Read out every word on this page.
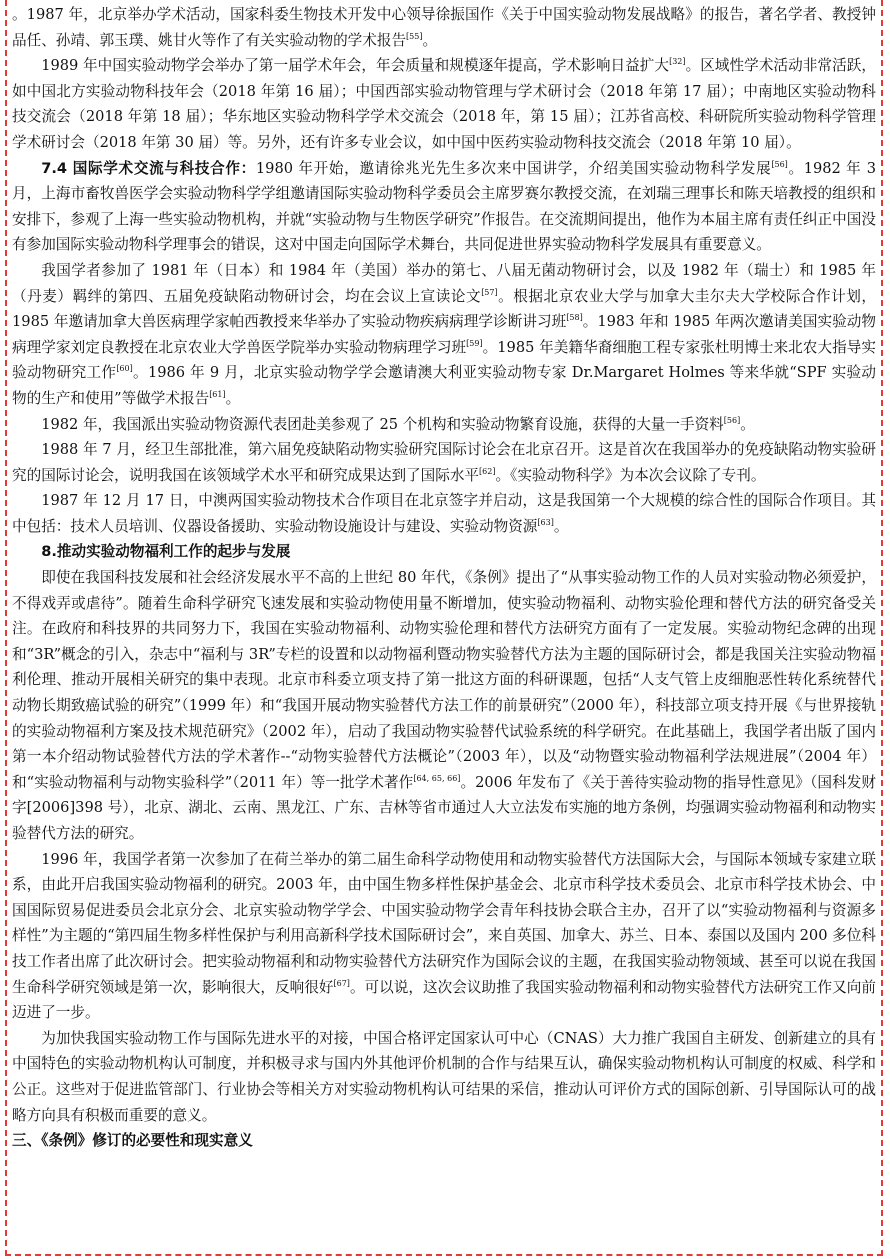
。1987 年，北京举办学术活动，国家科委生物技术开发中心领导徐振国作《关于中国实验动物发展战略》的报告，著名学者、教授钟品任、孙靖、郭玉璞、姚甘火等作了有关实验动物的学术报告[55]。

1989 年中国实验动物学会举办了第一届学术年会，年会质量和规模逐年提高，学术影响日益扩大[32]。区域性学术活动非常活跃，如中国北方实验动物科技年会（2018 年第 16 届）；中国西部实验动物管理与学术研讨会（2018 年第 17 届）；中南地区实验动物科技交流会（2018 年第 18 届）；华东地区实验动物科学学术交流会（2018 年，第 15 届）；江苏省高校、科研院所实验动物科学管理学术研讨会（2018 年第 30 届）等。另外，还有许多专业会议，如中国中医药实验动物科技交流会（2018 年第 10 届）。

7.4 国际学术交流与科技合作：1980 年开始，邀请徐兆光先生多次来中国讲学，介绍美国实验动物科学发展[56]。1982 年 3 月，上海市畜牧兽医学会实验动物科学学组邀请国际实验动物科学委员会主席罗赛尔教授交流，在刘瑞三理事长和陈天培教授的组织和安排下，参观了上海一些实验动物机构，并就“实验动物与生物医学研究”作报告。在交流期间提出，他作为本届主席有责任纠正中国没有参加国际实验动物科学理事会的错误，这对中国走向国际学术舞台，共同促进世界实验动物科学发展具有重要意义。

我国学者参加了 1981 年（日本）和 1984 年（美国）举办的第七、八届无菌动物研讨会，以及 1982 年（瑞士）和 1985 年（丹麦）羁绊的第四、五届免疫缺陷动物研讨会，均在会议上宣读论文[57]。根据北京农业大学与加拿大圭尔夫大学校际合作计划，1985 年邀请加拿大兽医病理学家帕西教授来华举办了实验动物疾病病理学诊断讲习班[58]。1983 年和 1985 年两次邀请美国实验动物病理学家刘定良教授在北京农业大学兽医学院举办实验动物病理学习班[59]。1985 年美籍华裔细胞工程专家张杜明博士来北农大指导实验动物研究工作[60]。1986 年 9 月，北京实验动物学学会邀请澳大利亚实验动物专家 Dr.Margaret Holmes 等来华就“SPF 实验动物的生产和使用”等做学术报告[61]。

1982 年，我国派出实验动物资源代表团赴美参观了 25 个机构和实验动物繁育设施，获得的大量一手资料[56]。

1988 年 7 月，经卫生部批准，第六届免疫缺陷动物实验研究国际讨论会在北京召开。这是首次在我国举办的免疫缺陷动物实验研究的国际讨论会，说明我国在该领域学术水平和研究成果达到了国际水平[62]。《实验动物科学》为本次会议除了专刊。

1987 年 12 月 17 日，中澳两国实验动物技术合作项目在北京签字并启动，这是我国第一个大规模的综合性的国际合作项目。其中包括：技术人员培训、仪器设备援助、实验动物设施设计与建设、实验动物资源[63]。

8.推动实验动物福利工作的起步与发展

即使在我国科技发展和社会经济发展水平不高的上世纪 80 年代，《条例》提出了“从事实验动物工作的人员对实验动物必须爱护，不得戏弄或虐待”。随着生命科学研究飞速发展和实验动物使用量不断增加，使实验动物福利、动物实验伦理和替代方法的研究备受关注。在政府和科技界的共同努力下，我国在实验动物福利、动物实验伦理和替代方法研究方面有了一定发展。实验动物纪念碑的出现和“3R”概念的引入，杂志中“福利与 3R”专栏的设置和以动物福利暨动物实验替代方法为主题的国际研讨会，都是我国关注实验动物福利伦理、推动开展相关研究的集中表现。北京市科委立项支持了第一批这方面的科研课题，包括“人支气管上皮细胞恶性转化系统替代动物长期致癌试验的研究”（1999 年）和“我国开展动物实验替代方法工作的前景研究”（2000 年），科技部立项支持开展《与世界接轨的实验动物福利方案及技术规范研究》（2002 年），启动了我国动物实验替代试验系统的科学研究。在此基础上，我国学者出版了国内第一本介绍动物试验替代方法的学术著作--“动物实验替代方法概论”（2003 年），以及“动物暨实验动物福利学法规进展”（2004 年）和“实验动物福利与动物实验科学”（2011 年）等一批学术著作[64, 65, 66]。2006 年发布了《关于善待实验动物的指导性意见》（国科发财字[2006]398 号），北京、湖北、云南、黑龙江、广东、吉林等省市通过人大立法发布实施的地方条例，均强调实验动物福利和动物实验替代方法的研究。

1996 年，我国学者第一次参加了在荷兰举办的第二届生命科学动物使用和动物实验替代方法国际大会，与国际本领域专家建立联系，由此开启我国实验动物福利的研究。2003 年，由中国生物多样性保护基金会、北京市科学技术委员会、北京市科学技术协会、中国国际贸易促进委员会北京分会、北京实验动物学学会、中国实验动物学会青年科技协会联合主办，召开了以“实验动物福利与资源多样性”为主题的“第四届生物多样性保护与利用高新科学技术国际研讨会”，来自英国、加拿大、苏兰、日本、泰国以及国内 200 多位科技工作者出席了此次研讨会。把实验动物福利和动物实验替代方法研究作为国际会议的主题，在我国实验动物领域、甚至可以说在我国生命科学研究领域是第一次，影响很大，反响很好[67]。可以说，这次会议助推了我国实验动物福利和动物实验替代方法研究工作又向前迈进了一步。

为加快我国实验动物工作与国际先进水平的对接，中国合格评定国家认可中心（CNAS）大力推广我国自主研发、创新建立的具有中国特色的实验动物机构认可制度，并积极寻求与国内外其他评价机制的合作与结果互认，确保实验动物机构认可制度的权威、科学和公正。这些对于促进监管部门、行业协会等相关方对实验动物机构认可结果的采信，推动认可评价方式的国际创新、引导国际认可的战略方向具有积极而重要的意义。

三、《条例》修订的必要性和现实意义
